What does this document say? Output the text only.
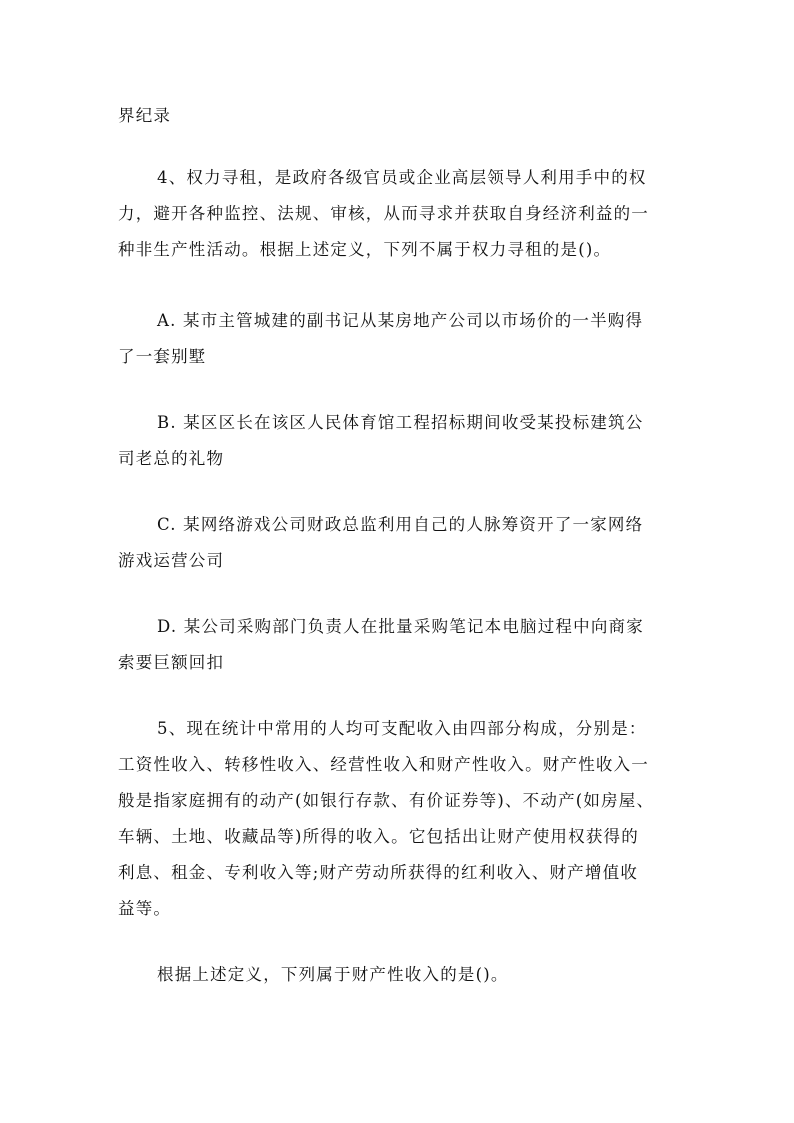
界纪录
4、权力寻租，是政府各级官员或企业高层领导人利用手中的权
力，避开各种监控、法规、审核，从而寻求并获取自身经济利益的一
种非生产性活动。根据上述定义，下列不属于权力寻租的是()。
A. 某市主管城建的副书记从某房地产公司以市场价的一半购得
了一套别墅
B. 某区区长在该区人民体育馆工程招标期间收受某投标建筑公
司老总的礼物
C. 某网络游戏公司财政总监利用自己的人脉筹资开了一家网络
游戏运营公司
D. 某公司采购部门负责人在批量采购笔记本电脑过程中向商家
索要巨额回扣
5、现在统计中常用的人均可支配收入由四部分构成，分别是：
工资性收入、转移性收入、经营性收入和财产性收入。财产性收入一
般是指家庭拥有的动产(如银行存款、有价证券等)、不动产(如房屋、
车辆、土地、收藏品等)所得的收入。它包括出让财产使用权获得的
利息、租金、专利收入等;财产劳动所获得的红利收入、财产增值收
益等。
根据上述定义，下列属于财产性收入的是()。
